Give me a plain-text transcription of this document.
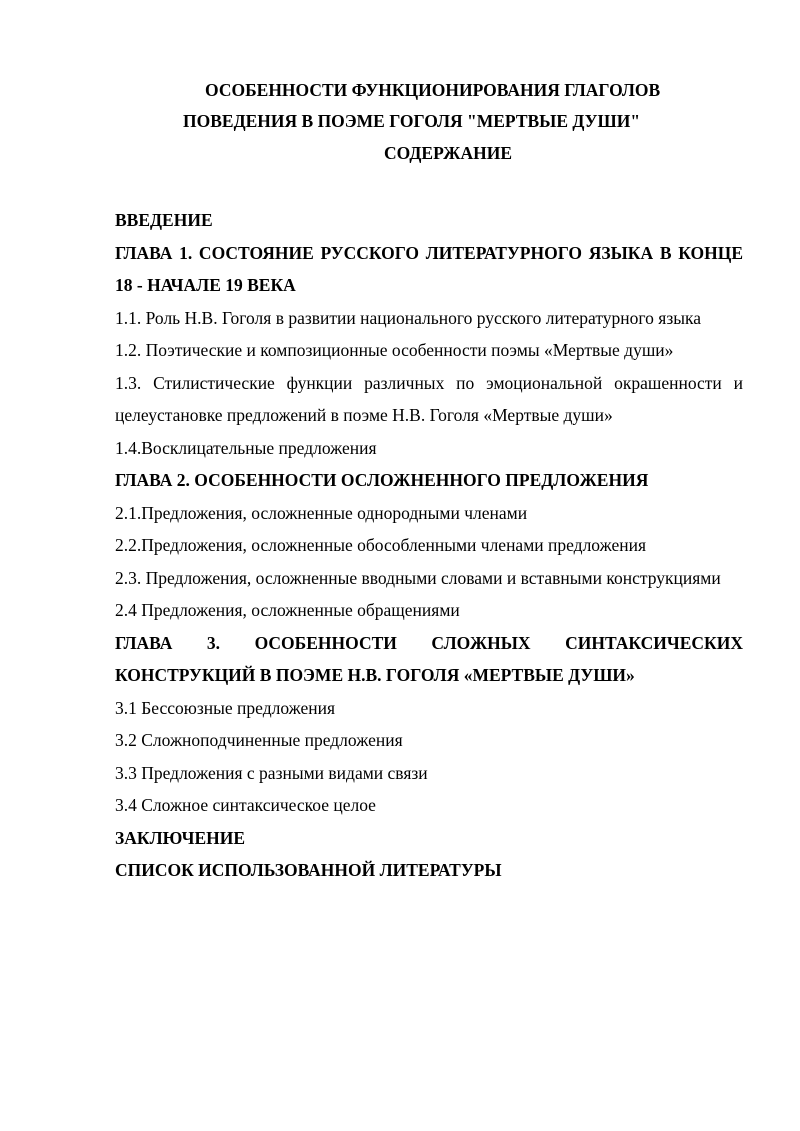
ОСОБЕННОСТИ ФУНКЦИОНИРОВАНИЯ ГЛАГОЛОВ
ПОВЕДЕНИЯ В ПОЭМЕ ГОГОЛЯ "МЕРТВЫЕ ДУШИ"
СОДЕРЖАНИЕ
ВВЕДЕНИЕ
ГЛАВА 1. СОСТОЯНИЕ РУССКОГО ЛИТЕРАТУРНОГО ЯЗЫКА В КОНЦЕ 18 - НАЧАЛЕ 19 ВЕКА
1.1. Роль Н.В. Гоголя в развитии национального русского литературного языка
1.2. Поэтические и композиционные особенности поэмы «Мертвые души»
1.3. Стилистические функции различных по эмоциональной окрашенности и целеустановке предложений в поэме Н.В. Гоголя «Мертвые души»
1.4.Восклицательные предложения
ГЛАВА 2. ОСОБЕННОСТИ ОСЛОЖНЕННОГО ПРЕДЛОЖЕНИЯ
2.1.Предложения, осложненные однородными членами
2.2.Предложения, осложненные обособленными членами предложения
2.3. Предложения, осложненные вводными словами и вставными конструкциями
2.4 Предложения, осложненные обращениями
ГЛАВА 3. ОСОБЕННОСТИ СЛОЖНЫХ СИНТАКСИЧЕСКИХ КОНСТРУКЦИЙ В ПОЭМЕ Н.В. ГОГОЛЯ «МЕРТВЫЕ ДУШИ»
3.1 Бессоюзные предложения
3.2 Сложноподчиненные предложения
3.3 Предложения с разными видами связи
3.4 Сложное синтаксическое целое
ЗАКЛЮЧЕНИЕ
СПИСОК ИСПОЛЬЗОВАННОЙ ЛИТЕРАТУРЫ
